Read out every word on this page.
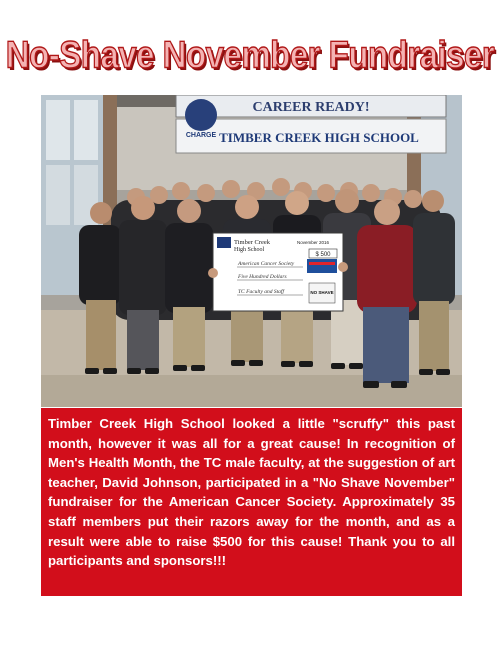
No-Shave November Fundraiser
CAREER READY!
TIMBER CREEK HIGH SCHOOL
CHARGE
Timber Creek
High School
November 2016
$ 500
American Cancer Society
Five Hundred Dollars
TC Faculty and Staff	NO SHAVE
Timber Creek High School looked a little "scruffy" this past month, however it was all for a great cause! In recognition of Men's Health Month, the TC male faculty, at the suggestion of art teacher, David Johnson, participated in a "No Shave November" fundraiser for the American Cancer Society. Approximately 35 staff members put their razors away for the month, and as a result were able to raise $500 for this cause! Thank you to all participants and sponsors!!!
